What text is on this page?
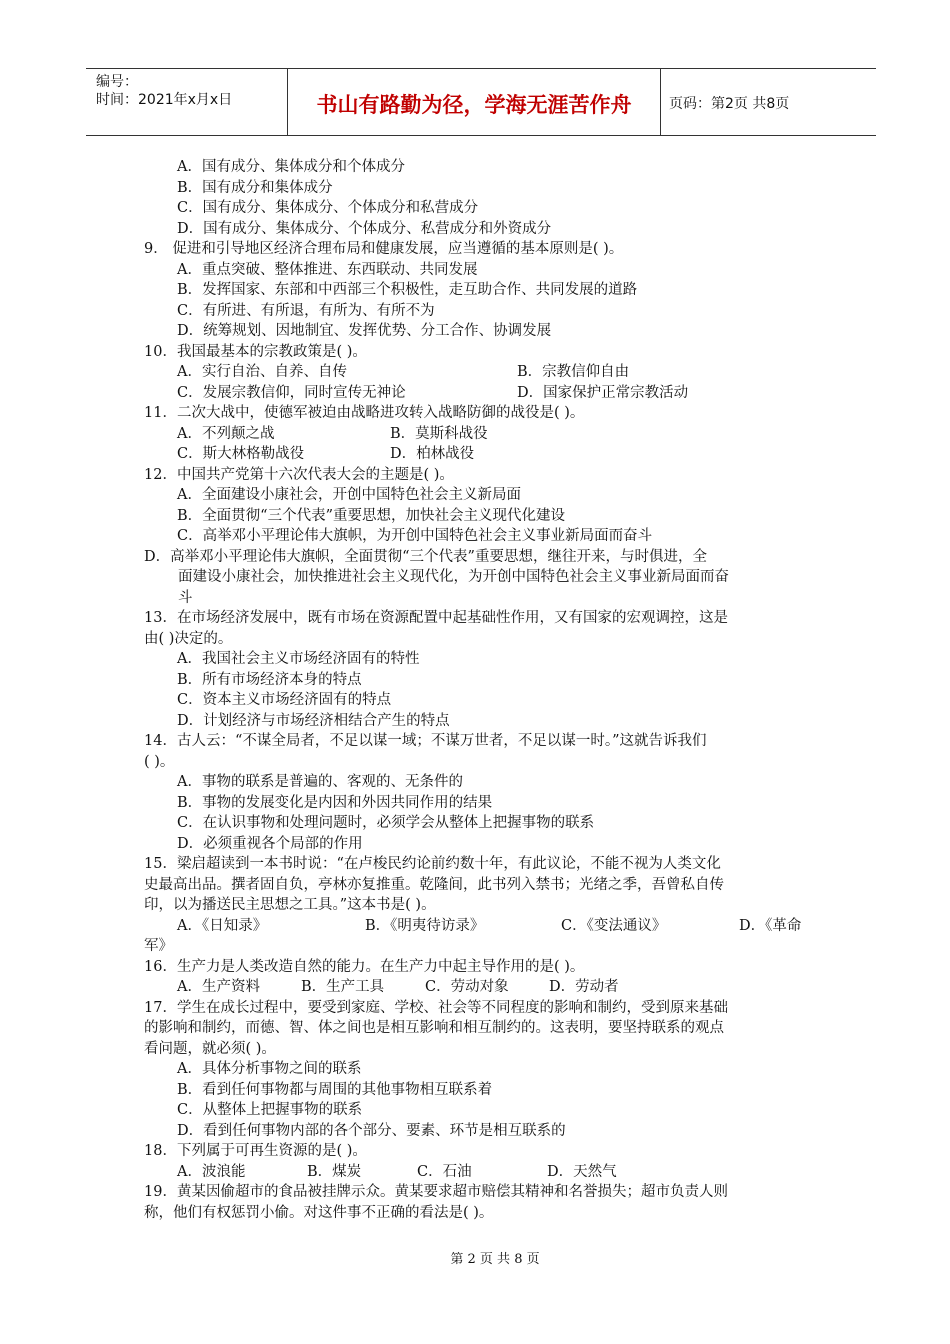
编号：
时间：2021年x月x日	书山有路勤为径，学海无涯苦作舟	页码：第2页 共8页
A．国有成分、集体成分和个体成分
B．国有成分和集体成分
C．国有成分、集体成分、个体成分和私营成分
D．国有成分、集体成分、个体成分、私营成分和外资成分
9． 促进和引导地区经济合理布局和健康发展，应当遵循的基本原则是( )。
A．重点突破、整体推进、东西联动、共同发展
B．发挥国家、东部和中西部三个积极性，走互助合作、共同发展的道路
C．有所进、有所退，有所为、有所不为
D．统筹规划、因地制宜、发挥优势、分工合作、协调发展
10．我国最基本的宗教政策是( )。
A．实行自治、自养、自传	B．宗教信仰自由
C．发展宗教信仰，同时宣传无神论	D．国家保护正常宗教活动
11．二次大战中，使德军被迫由战略进攻转入战略防御的战役是( )。
A．不列颠之战	B．莫斯科战役
C．斯大林格勒战役	D．柏林战役
12．中国共产党第十六次代表大会的主题是( )。
A．全面建设小康社会，开创中国特色社会主义新局面
B．全面贯彻“三个代表”重要思想，加快社会主义现代化建设
C．高举邓小平理论伟大旗帜，为开创中国特色社会主义事业新局面而奋斗
D．高举邓小平理论伟大旗帜，全面贯彻“三个代表”重要思想，继往开来，与时俱进，全
面建设小康社会，加快推进社会主义现代化，为开创中国特色社会主义事业新局面而奋
斗
13．在市场经济发展中，既有市场在资源配置中起基础性作用，又有国家的宏观调控，这是
由( )决定的。
A．我国社会主义市场经济固有的特性
B．所有市场经济本身的特点
C．资本主义市场经济固有的特点
D．计划经济与市场经济相结合产生的特点
14．古人云：“不谋全局者，不足以谋一域；不谋万世者，不足以谋一时。”这就告诉我们
( )。
A．事物的联系是普遍的、客观的、无条件的
B．事物的发展变化是内因和外因共同作用的结果
C．在认识事物和处理问题时，必须学会从整体上把握事物的联系
D．必须重视各个局部的作用
15．梁启超读到一本书时说：“在卢梭民约论前约数十年，有此议论，不能不视为人类文化
史最高出品。撰者固自负，亭林亦复推重。乾隆间，此书列入禁书；光绪之季，吾曾私自传
印，以为播送民主思想之工具。”这本书是( )。
A．《日知录》	B．《明夷待访录》	C．《变法通议》	D．《革命
军》
16．生产力是人类改造自然的能力。在生产力中起主导作用的是( )。
A．生产资料	B．生产工具	C．劳动对象	D．劳动者
17．学生在成长过程中，要受到家庭、学校、社会等不同程度的影响和制约，受到原来基础
的影响和制约，而德、智、体之间也是相互影响和相互制约的。这表明，要坚持联系的观点
看问题，就必须( )。
A．具体分析事物之间的联系
B．看到任何事物都与周围的其他事物相互联系着
C．从整体上把握事物的联系
D．看到任何事物内部的各个部分、要素、环节是相互联系的
18．下列属于可再生资源的是( )。
A．波浪能	B．煤炭	C．石油	D．天然气
19．黄某因偷超市的食品被挂牌示众。黄某要求超市赔偿其精神和名誉损失；超市负责人则
称，他们有权惩罚小偷。对这件事不正确的看法是( )。
第 2 页 共 8 页
